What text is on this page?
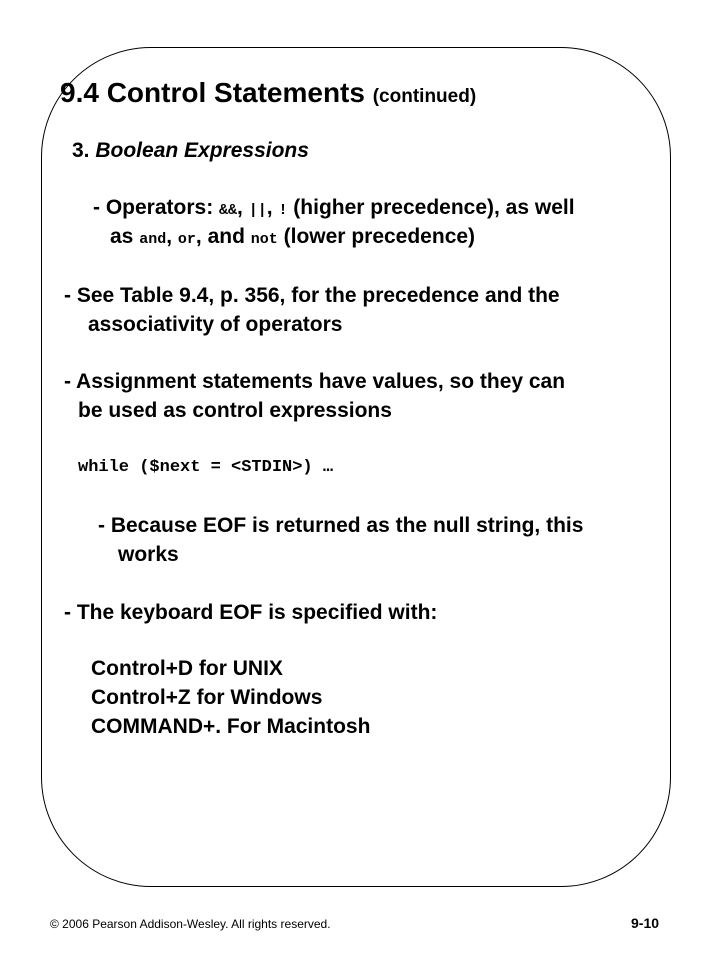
9.4 Control Statements (continued)
3. Boolean Expressions
- Operators: &&, ||, ! (higher precedence), as well
as and, or, and not (lower precedence)
- See Table 9.4, p. 356, for the precedence and the
associativity of operators
- Assignment statements have values, so they can
be used as control expressions
while ($next = <STDIN>) …
- Because EOF is returned as the null string, this
works
- The keyboard EOF is specified with:
Control+D for UNIX
Control+Z for Windows
COMMAND+. For Macintosh
© 2006 Pearson Addison-Wesley. All rights reserved.	9-10
